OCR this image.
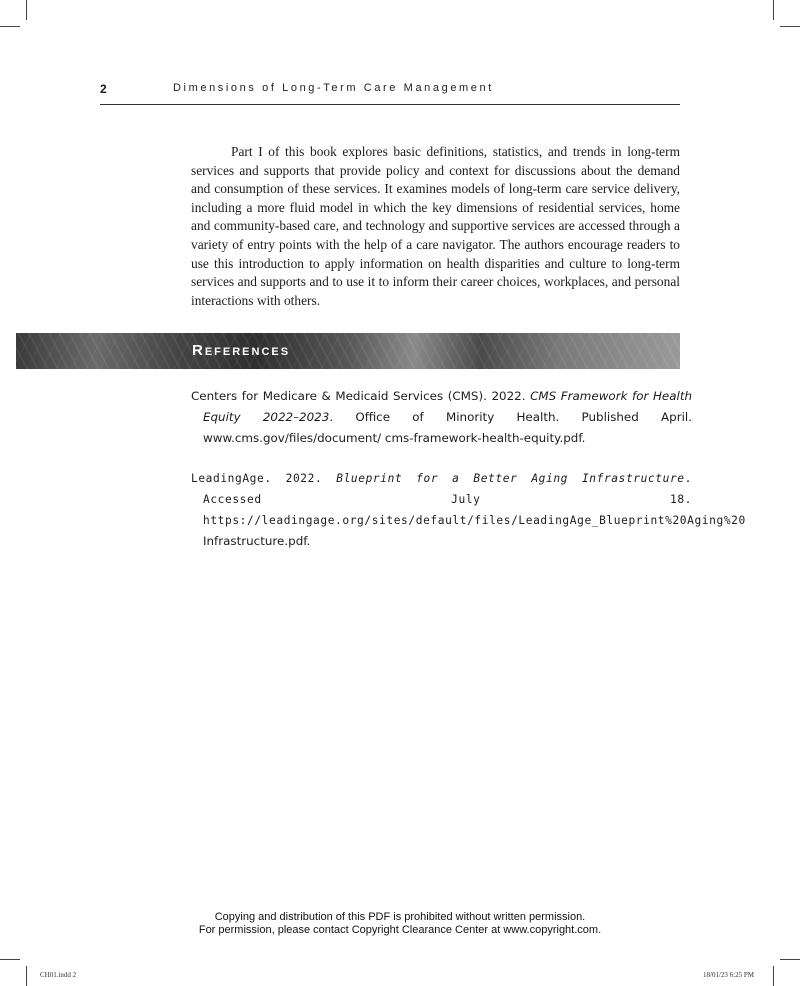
2	Dimensions of Long-Term Care Management

Part I of this book explores basic definitions, statistics, and trends in long-term services and supports that provide policy and context for discussions about the demand and consumption of these services. It examines models of long-term care service delivery, including a more fluid model in which the key dimensions of residential services, home and community-based care, and technology and supportive services are accessed through a variety of entry points with the help of a care navigator. The authors encourage readers to use this introduction to apply information on health disparities and culture to long-term services and supports and to use it to inform their career choices, workplaces, and personal interactions with others.

References

Centers for Medicare & Medicaid Services (CMS). 2022. CMS Framework for Health Equity 2022–2023. Office of Minority Health. Published April. www.cms.gov/files/document/ cms-framework-health-equity.pdf.

LeadingAge. 2022. Blueprint for a Better Aging Infrastructure. Accessed July 18. https://leadingage.org/sites/default/files/LeadingAge_Blueprint%20Aging%20 Infrastructure.pdf.

Copying and distribution of this PDF is prohibited without written permission.
For permission, please contact Copyright Clearance Center at www.copyright.com.
CH01.indd 2	18/01/23 6:25 PM
